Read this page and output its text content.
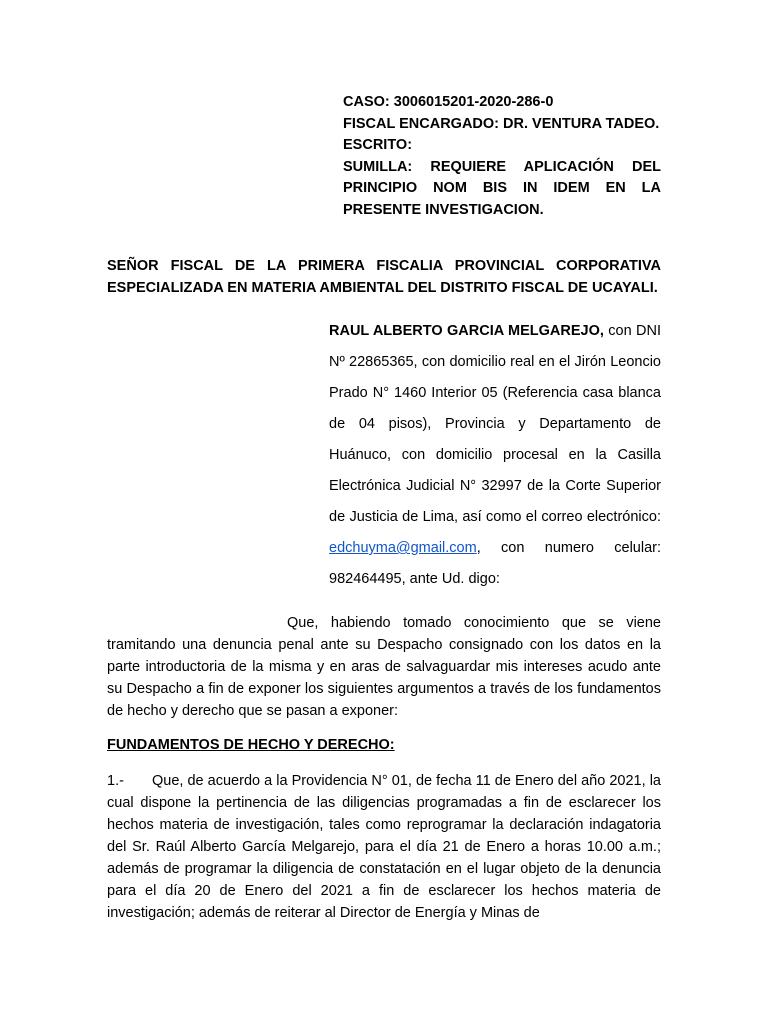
CASO: 3006015201-2020-286-0
FISCAL ENCARGADO: DR. VENTURA TADEO.
ESCRITO:
SUMILLA: REQUIERE APLICACIÓN DEL PRINCIPIO NOM BIS IN IDEM EN LA PRESENTE INVESTIGACION.
SEÑOR FISCAL DE LA PRIMERA FISCALIA PROVINCIAL CORPORATIVA ESPECIALIZADA EN MATERIA AMBIENTAL DEL DISTRITO FISCAL DE UCAYALI.
RAUL ALBERTO GARCIA MELGAREJO, con DNI Nº 22865365, con domicilio real en el Jirón Leoncio Prado N° 1460 Interior 05 (Referencia casa blanca de 04 pisos), Provincia y Departamento de Huánuco, con domicilio procesal en la Casilla Electrónica Judicial N° 32997 de la Corte Superior de Justicia de Lima, así como el correo electrónico: edchuyma@gmail.com, con numero celular: 982464495, ante Ud. digo:
Que, habiendo tomado conocimiento que se viene tramitando una denuncia penal ante su Despacho consignado con los datos en la parte introductoria de la misma y en aras de salvaguardar mis intereses acudo ante su Despacho a fin de exponer los siguientes argumentos a través de los fundamentos de hecho y derecho que se pasan a exponer:
FUNDAMENTOS DE HECHO Y DERECHO:
1.- Que, de acuerdo a la Providencia N° 01, de fecha 11 de Enero del año 2021, la cual dispone la pertinencia de las diligencias programadas a fin de esclarecer los hechos materia de investigación, tales como reprogramar la declaración indagatoria del Sr. Raúl Alberto García Melgarejo, para el día 21 de Enero a horas 10.00 a.m.; además de programar la diligencia de constatación en el lugar objeto de la denuncia para el día 20 de Enero del 2021 a fin de esclarecer los hechos materia de investigación; además de reiterar al Director de Energía y Minas de
